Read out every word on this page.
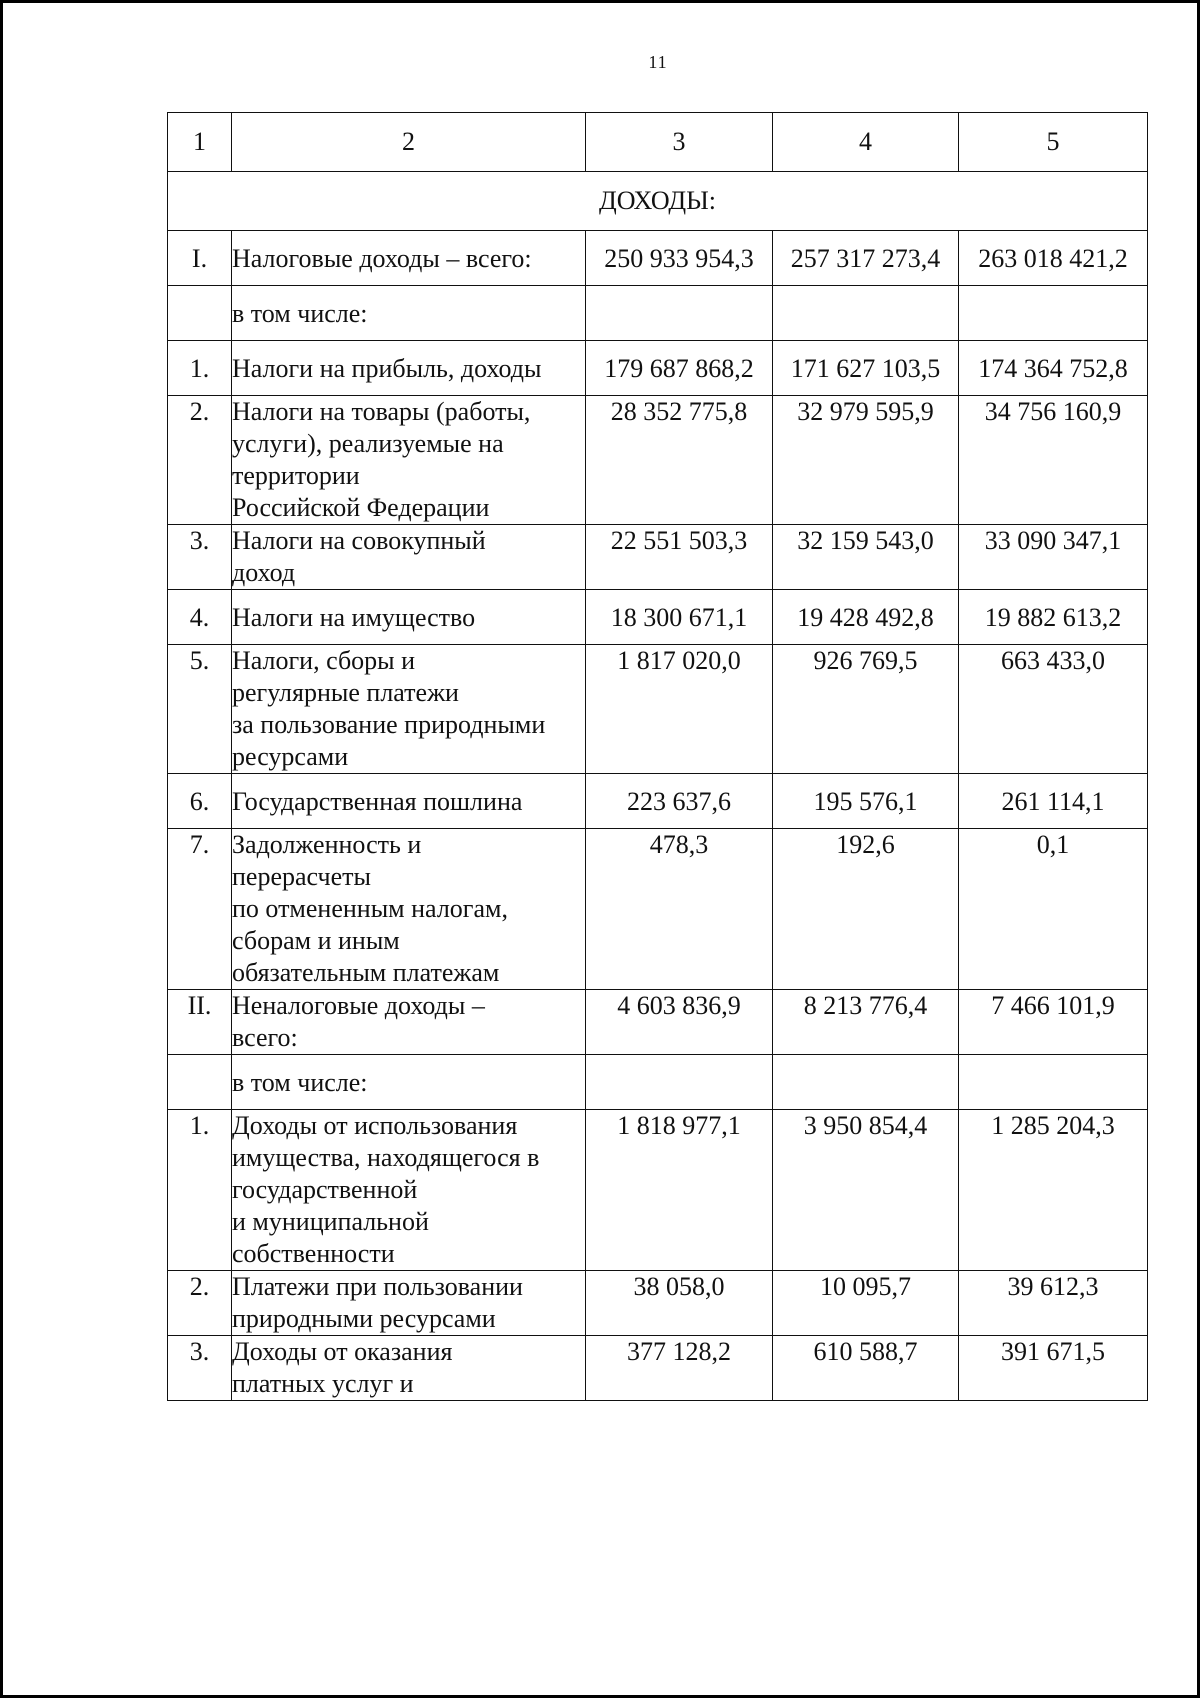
11
1	2	3	4	5
ДОХОДЫ:				
I.	Налоговые доходы – всего:	250 933 954,3	257 317 273,4	263 018 421,2

	в том числе:			

1.	Налоги на прибыль, доходы	179 687 868,2	171 627 103,5	174 364 752,8
2.	Налоги на товары (работы,
услуги), реализуемые на
территории
Российской Федерации	28 352 775,8	32 979 595,9	34 756 160,9
3.	Налоги на совокупный
доход	22 551 503,3	32 159 543,0	33 090 347,1
4.	Налоги на имущество	18 300 671,1	19 428 492,8	19 882 613,2
5.	Налоги, сборы и
регулярные платежи
за пользование природными
ресурсами	1 817 020,0	926 769,5	663 433,0
6.	Государственная пошлина	223 637,6	195 576,1	261 114,1
7.	Задолженность и
перерасчеты
по отмененным налогам,
сборам и иным
обязательным платежам	478,3	192,6	0,1
II.	Неналоговые доходы –
всего:	4 603 836,9	8 213 776,4	7 466 101,9

	в том числе:			

1.	Доходы от использования
имущества, находящегося в
государственной
и муниципальной
собственности	1 818 977,1	3 950 854,4	1 285 204,3
2.	Платежи при пользовании
природными ресурсами	38 058,0	10 095,7	39 612,3
3.	Доходы от оказания
платных услуг и	377 128,2	610 588,7	391 671,5
